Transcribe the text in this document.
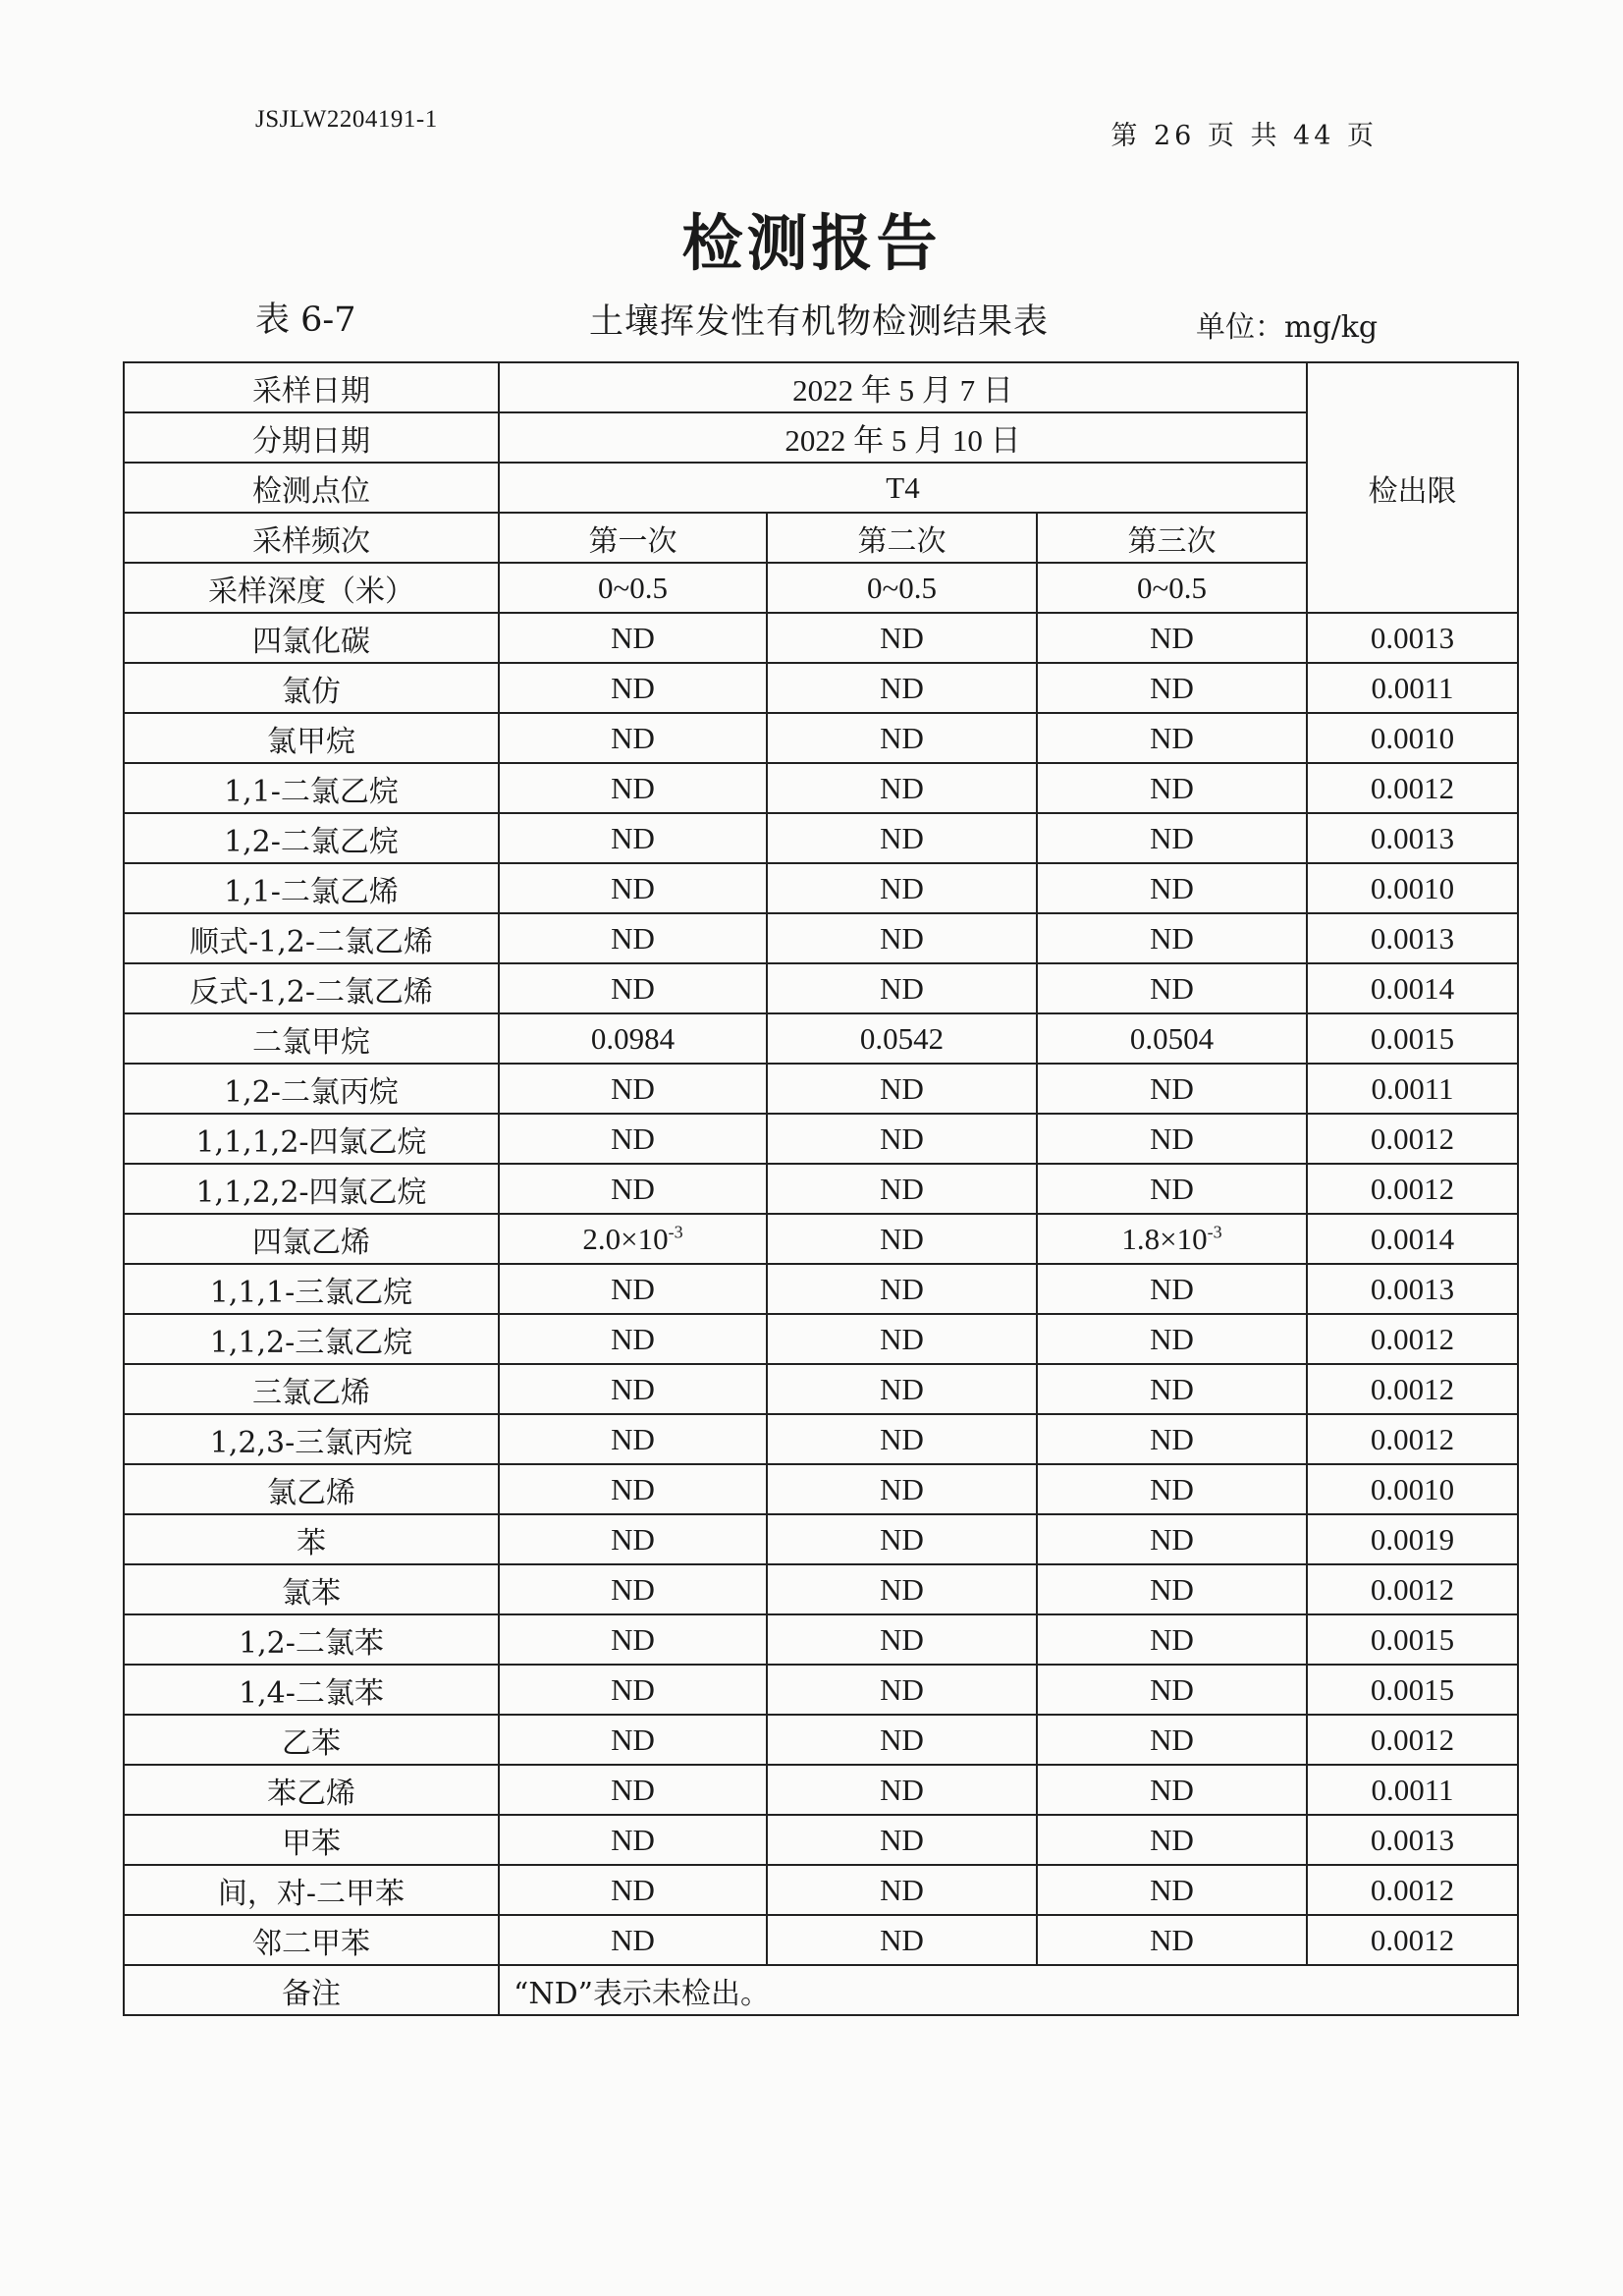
JSJLW2204191-1
第 26 页 共 44 页
检测报告
表 6-7	土壤挥发性有机物检测结果表	单位：mg/kg
采样日期	2022 年 5 月 7 日			检出限
分期日期	2022 年 5 月 10 日			
检测点位	T4			
采样频次	第一次	第二次	第三次	
采样深度（米）	0~0.5	0~0.5	0~0.5	
四氯化碳	ND	ND	ND	0.0013
氯仿	ND	ND	ND	0.0011
氯甲烷	ND	ND	ND	0.0010
1,1-二氯乙烷	ND	ND	ND	0.0012
1,2-二氯乙烷	ND	ND	ND	0.0013
1,1-二氯乙烯	ND	ND	ND	0.0010
顺式-1,2-二氯乙烯	ND	ND	ND	0.0013
反式-1,2-二氯乙烯	ND	ND	ND	0.0014
二氯甲烷	0.0984	0.0542	0.0504	0.0015
1,2-二氯丙烷	ND	ND	ND	0.0011
1,1,1,2-四氯乙烷	ND	ND	ND	0.0012
1,1,2,2-四氯乙烷	ND	ND	ND	0.0012
四氯乙烯	$2.0\times 10^{-3}$	ND	$1.8\times 10^{-3}$	0.0014
1,1,1-三氯乙烷	ND	ND	ND	0.0013
1,1,2-三氯乙烷	ND	ND	ND	0.0012
三氯乙烯	ND	ND	ND	0.0012
1,2,3-三氯丙烷	ND	ND	ND	0.0012
氯乙烯	ND	ND	ND	0.0010
苯	ND	ND	ND	0.0019
氯苯	ND	ND	ND	0.0012
1,2-二氯苯	ND	ND	ND	0.0015
1,4-二氯苯	ND	ND	ND	0.0015
乙苯	ND	ND	ND	0.0012
苯乙烯	ND	ND	ND	0.0011
甲苯	ND	ND	ND	0.0013
间，对-二甲苯	ND	ND	ND	0.0012
邻二甲苯	ND	ND	ND	0.0012
备注	“ND”表示未检出。			
